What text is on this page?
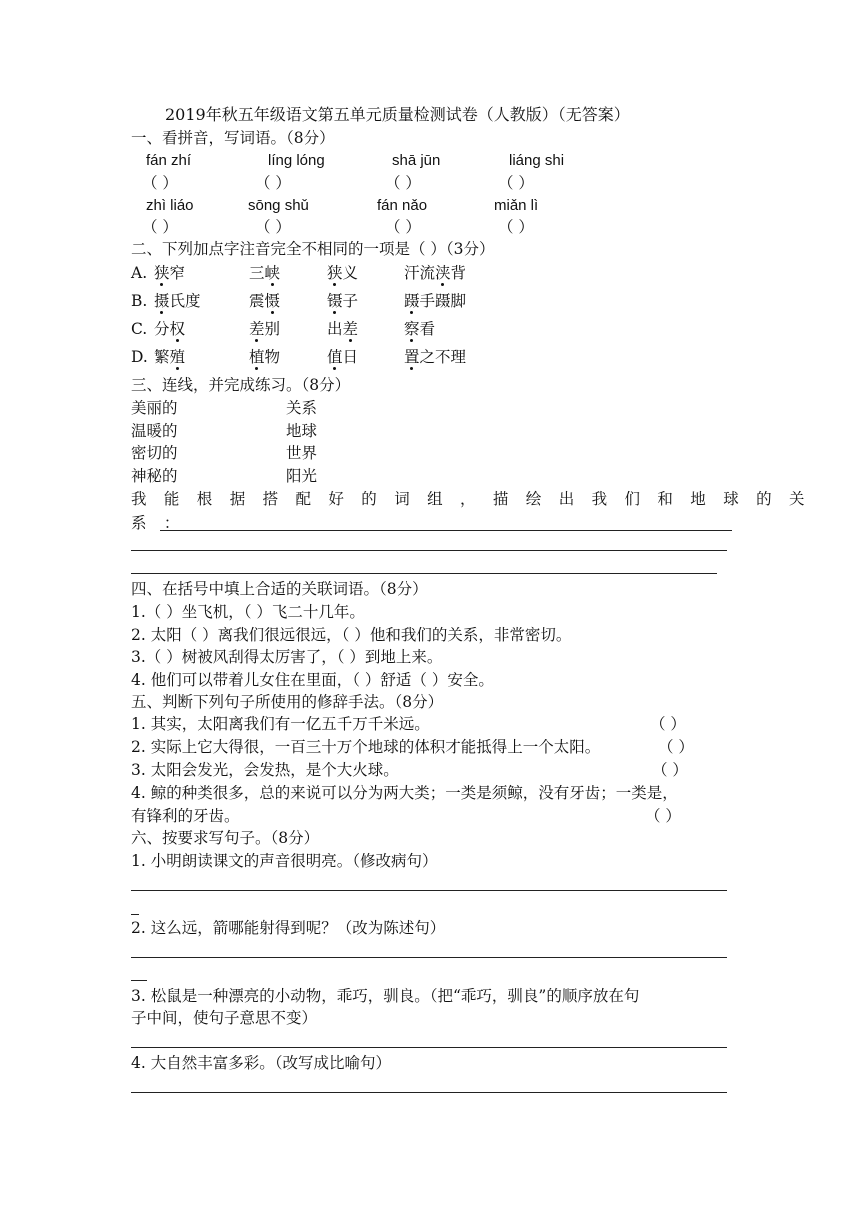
2019年秋五年级语文第五单元质量检测试卷（人教版）（无答案）
一、看拼音，写词语。（8分）
fán zhí	líng lóng	shā jūn	liáng shi
（ ）	（ ）	（ ）	（ ）
zhì liáo	sōng shǔ	fán nǎo	miǎn lì
（ ）	（ ）	（ ）	（ ）
二、下列加点字注音完全不相同的一项是（ ）（3分）
A. 狭窄	三峡	狭义	汗流浃背
B. 摄氏度	震慑	镊子	蹑手蹑脚
C. 分权	差别	出差	察看
D. 繁殖	植物	值日	置之不理
三、连线，并完成练习。（8分）
美丽的	关系
温暖的	地球
密切的	世界
神秘的	阳光
我能根据搭配好的词组，描绘出我们和地球的关
系：
四、在括号中填上合适的关联词语。（8分）
1.（ ）坐飞机，（ ）飞二十几年。
2. 太阳（ ）离我们很远很远，（ ）他和我们的关系，非常密切。
3.（ ）树被风刮得太厉害了，（ ）到地上来。
4. 他们可以带着儿女住在里面，（ ）舒适（ ）安全。
五、判断下列句子所使用的修辞手法。（8分）
1. 其实，太阳离我们有一亿五千万千米远。	（ ）
2. 实际上它大得很，一百三十万个地球的体积才能抵得上一个太阳。	（ ）
3. 太阳会发光，会发热，是个大火球。	（ ）
4. 鲸的种类很多，总的来说可以分为两大类；一类是须鲸，没有牙齿；一类是，
有锋利的牙齿。	（ ）
六、按要求写句子。（8分）
1. 小明朗读课文的声音很明亮。（修改病句）
2. 这么远，箭哪能射得到呢？（改为陈述句）
3. 松鼠是一种漂亮的小动物，乖巧，驯良。（把“乖巧，驯良”的顺序放在句
子中间，使句子意思不变）
4. 大自然丰富多彩。（改写成比喻句）
